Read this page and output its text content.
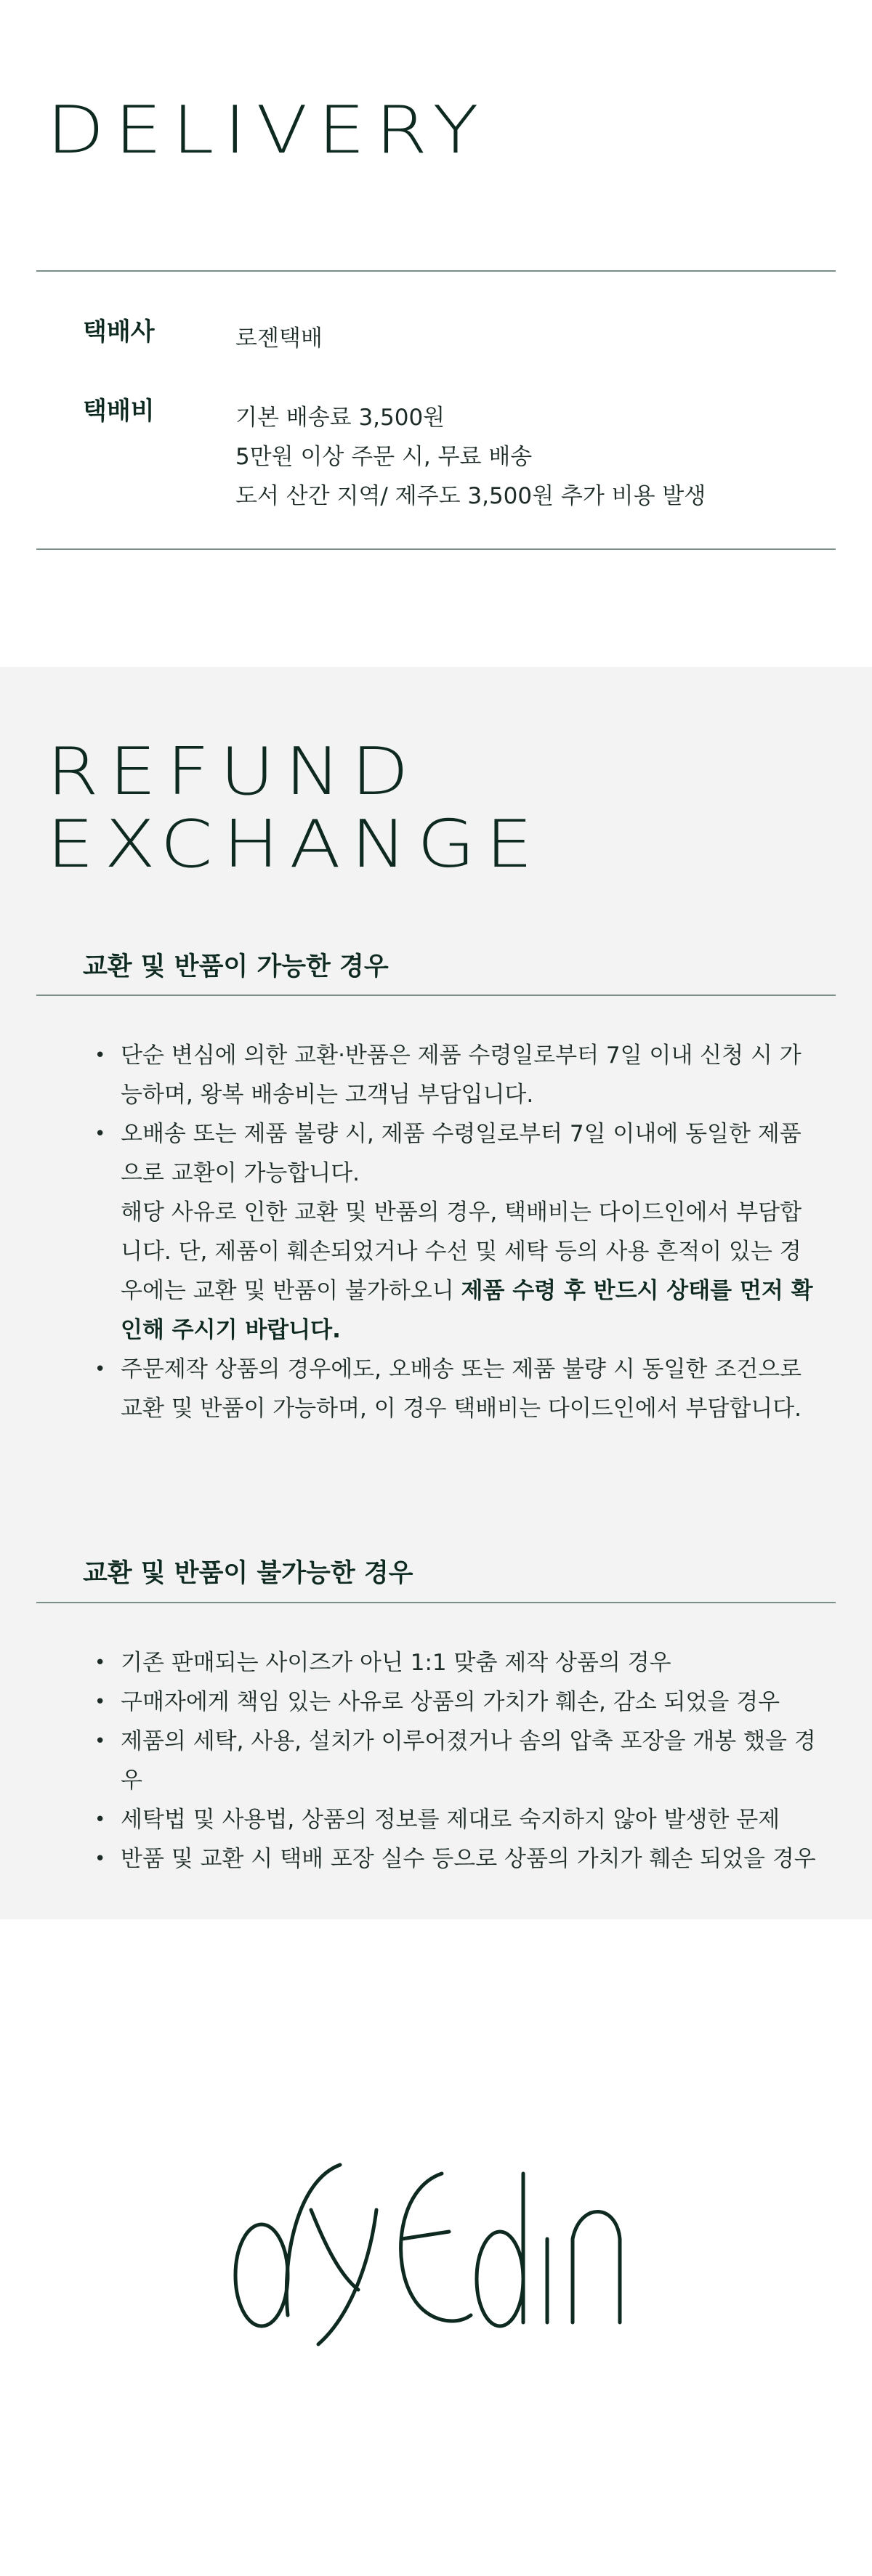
DELIVERY
택배사	로젠택배
택배비	기본 배송료 3,500원
5만원 이상 주문 시, 무료 배송
도서 산간 지역/ 제주도 3,500원 추가 비용 발생
REFUND
EXCHANGE
교환 및 반품이 가능한 경우
• 단순 변심에 의한 교환·반품은 제품 수령일로부터 7일 이내 신청 시 가능하며, 왕복 배송비는 고객님 부담입니다.
• 오배송 또는 제품 불량 시, 제품 수령일로부터 7일 이내에 동일한 제품으로 교환이 가능합니다.
해당 사유로 인한 교환 및 반품의 경우, 택배비는 다이드인에서 부담합니다. 단, 제품이 훼손되었거나 수선 및 세탁 등의 사용 흔적이 있는 경우에는 교환 및 반품이 불가하오니 제품 수령 후 반드시 상태를 먼저 확인해 주시기 바랍니다.
• 주문제작 상품의 경우에도, 오배송 또는 제품 불량 시 동일한 조건으로 교환 및 반품이 가능하며, 이 경우 택배비는 다이드인에서 부담합니다.
교환 및 반품이 불가능한 경우
• 기존 판매되는 사이즈가 아닌 1:1 맞춤 제작 상품의 경우
• 구매자에게 책임 있는 사유로 상품의 가치가 훼손, 감소 되었을 경우
• 제품의 세탁, 사용, 설치가 이루어졌거나 솜의 압축 포장을 개봉 했을 경우
• 세탁법 및 사용법, 상품의 정보를 제대로 숙지하지 않아 발생한 문제
• 반품 및 교환 시 택배 포장 실수 등으로 상품의 가치가 훼손 되었을 경우
dyedin
